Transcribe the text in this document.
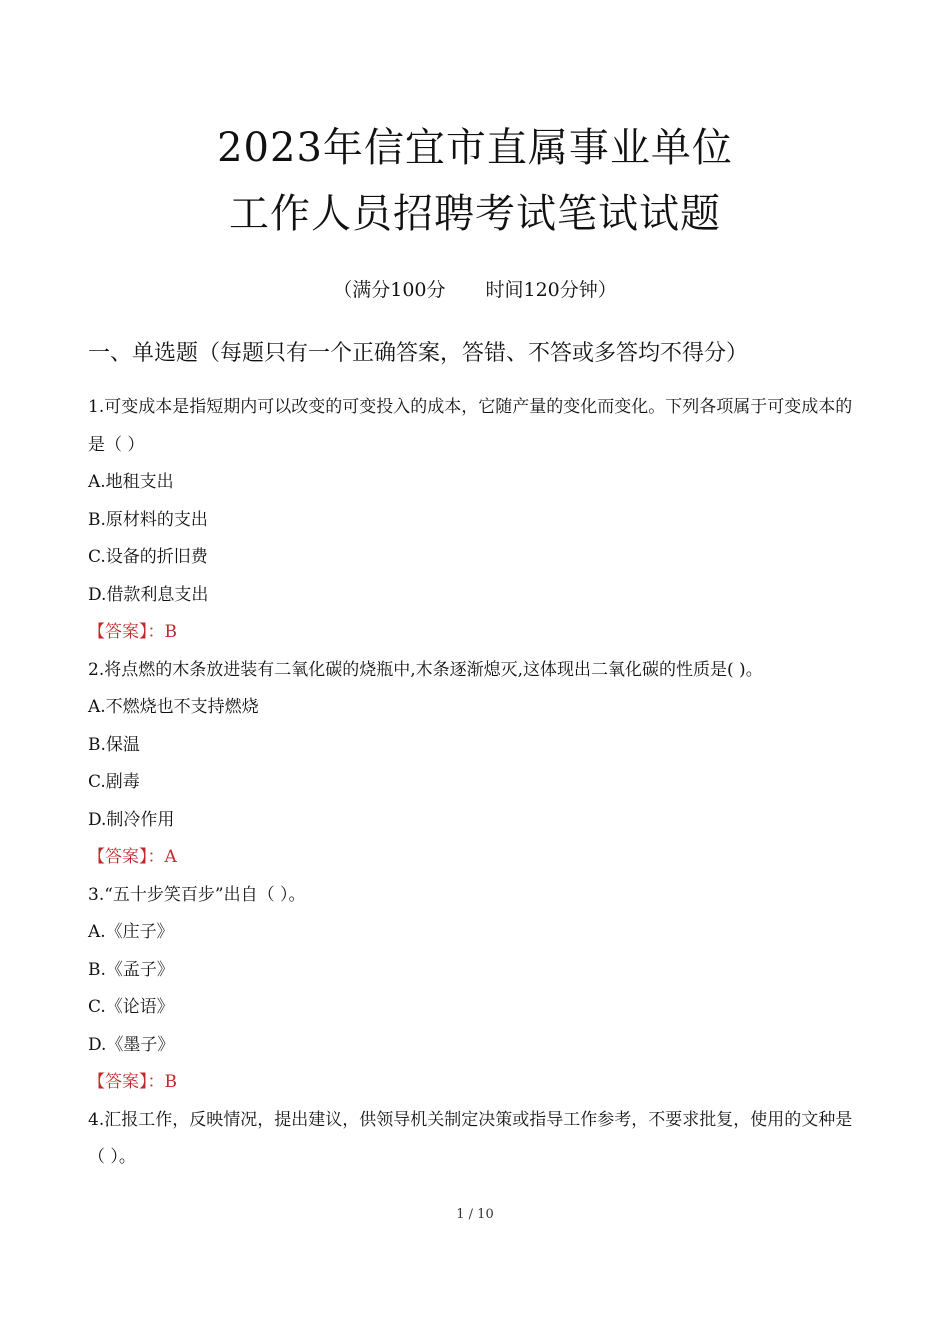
2023年信宜市直属事业单位
工作人员招聘考试笔试试题
（满分100分 时间120分钟）
一、单选题（每题只有一个正确答案，答错、不答或多答均不得分）
1.可变成本是指短期内可以改变的可变投入的成本，它随产量的变化而变化。下列各项属于可变成本的是（ ）
A.地租支出
B.原材料的支出
C.设备的折旧费
D.借款利息支出
【答案】：B
2.将点燃的木条放进装有二氧化碳的烧瓶中,木条逐渐熄灭,这体现出二氧化碳的性质是( )。
A.不燃烧也不支持燃烧
B.保温
C.剧毒
D.制冷作用
【答案】：A
3.“五十步笑百步”出自（ ）。
A.《庄子》
B.《孟子》
C.《论语》
D.《墨子》
【答案】：B
4.汇报工作，反映情况，提出建议，供领导机关制定决策或指导工作参考，不要求批复，使用的文种是（ ）。
1 / 10
